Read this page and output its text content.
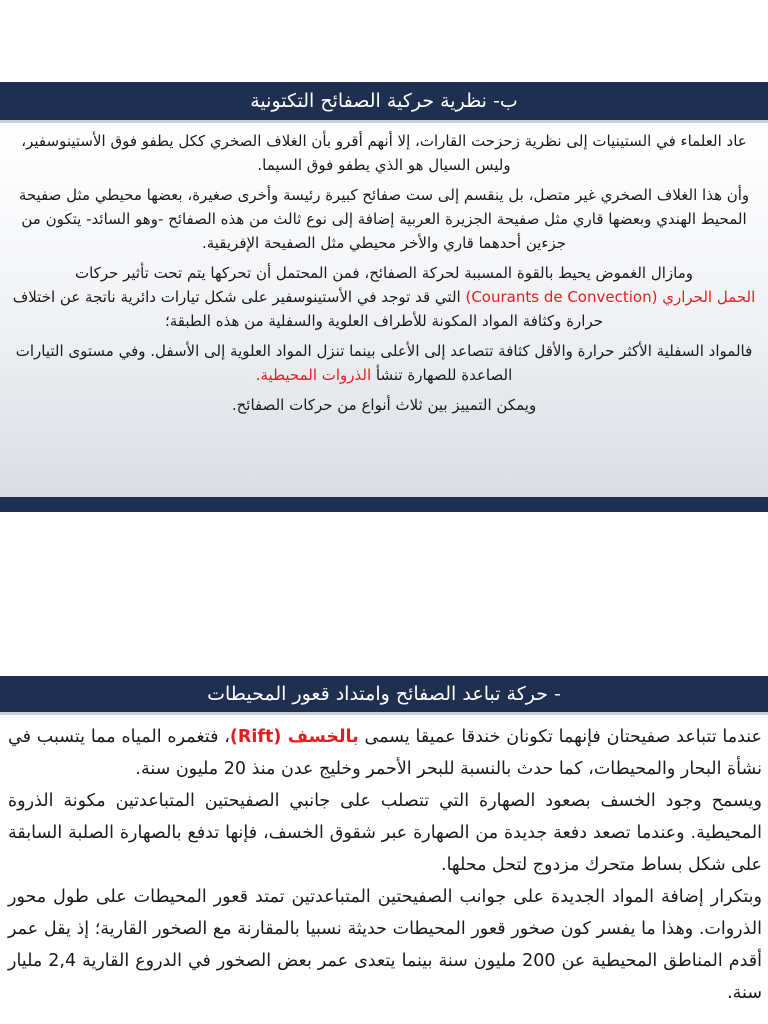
ب- نظرية حركية الصفائح التكتونية

عاد العلماء في الستينيات إلى نظرية زحزحت القارات، إلا أنهم أقرو بأن الغلاف الصخري ككل يطفو فوق الأستينوسفير، وليس السيال هو الذي يطفو فوق السيما.

وأن هذا الغلاف الصخري غير متصل، بل ينقسم إلى ست صفائح كبيرة رئيسة وأخرى صغيرة، بعضها محيطي مثل صفيحة المحيط الهندي وبعضها قاري مثل صفيحة الجزيرة العربية إضافة إلى نوع ثالث من هذه الصفائح -وهو السائد- يتكون من جزءين أحدهما قاري والأخر محيطي مثل الصفيحة الإفريقية.

ومازال الغموض يحيط بالقوة المسببة لحركة الصفائح، فمن المحتمل أن تحركها يتم تحت تأثير حركات
الحمل الحراري (Courants de Convection) التي قد توجد في الأستينوسفير على شكل تيارات دائرية ناتجة عن اختلاف حرارة وكثافة المواد المكونة للأطراف العلوية والسفلية من هذه الطبقة؛

فالمواد السفلية الأكثر حرارة والأقل كثافة تتصاعد إلى الأعلى بينما تنزل المواد العلوية إلى الأسفل. وفي مستوى التيارات الصاعدة للصهارة تنشأ الذروات المحيطية.

ويمكن التمييز بين ثلاث أنواع من حركات الصفائح.

- حركة تباعد الصفائح وامتداد قعور المحيطات

عندما تتباعد صفيحتان فإنهما تكونان خندقا عميقا يسمى بالخسف (Rift)، فتغمره المياه مما يتسبب في نشأة البحار والمحيطات، كما حدث بالنسبة للبحر الأحمر وخليج عدن منذ 20 مليون سنة.

ويسمح وجود الخسف بصعود الصهارة التي تتصلب على جانبي الصفيحتين المتباعدتين مكونة الذروة المحيطية. وعندما تصعد دفعة جديدة من الصهارة عبر شقوق الخسف، فإنها تدفع بالصهارة الصلبة السابقة على شكل بساط متحرك مزدوج لتحل محلها.

وبتكرار إضافة المواد الجديدة على جوانب الصفيحتين المتباعدتين تمتد قعور المحيطات على طول محور الذروات. وهذا ما يفسر كون صخور قعور المحيطات حديثة نسبيا بالمقارنة مع الصخور القارية؛ إذ يقل عمر أقدم المناطق المحيطية عن 200 مليون سنة بينما يتعدى عمر بعض الصخور في الدروع القارية 2,4 مليار سنة.
